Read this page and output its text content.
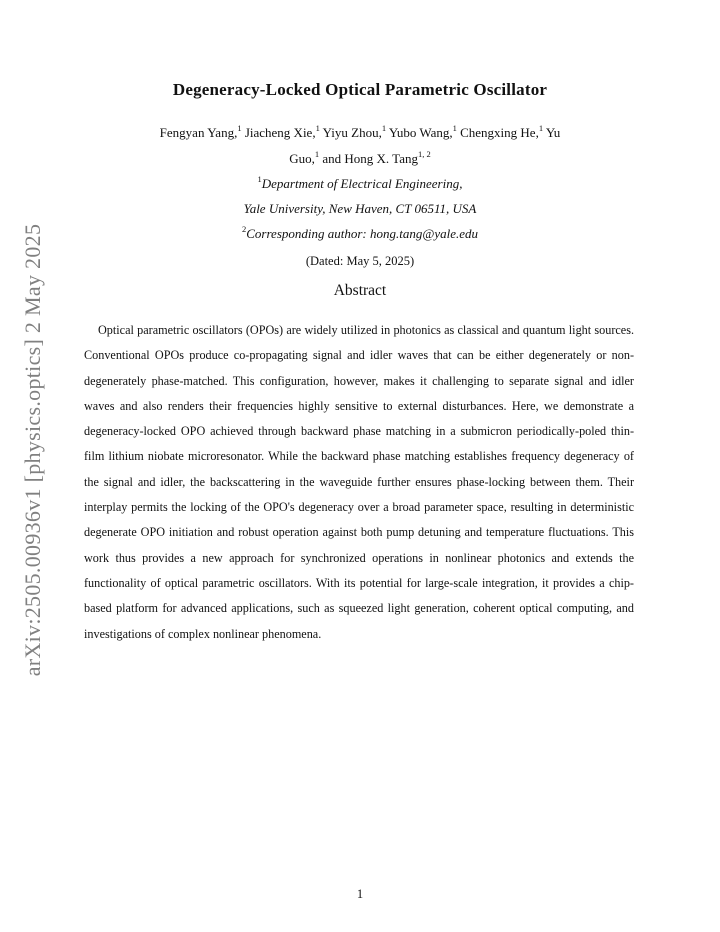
arXiv:2505.00936v1 [physics.optics] 2 May 2025
Degeneracy-Locked Optical Parametric Oscillator
Fengyan Yang,$^1$ Jiacheng Xie,$^1$ Yiyu Zhou,$^1$ Yubo Wang,$^1$ Chengxing He,$^1$ Yu Guo,$^1$ and Hong X. Tang$^{1, 2}$
$^1$Department of Electrical Engineering,
Yale University, New Haven, CT 06511, USA
$^2$Corresponding author: hong.tang@yale.edu
(Dated: May 5, 2025)
Abstract

Optical parametric oscillators (OPOs) are widely utilized in photonics as classical and quantum light sources. Conventional OPOs produce co-propagating signal and idler waves that can be either degenerately or non-degenerately phase-matched. This configuration, however, makes it challenging to separate signal and idler waves and also renders their frequencies highly sensitive to external disturbances. Here, we demonstrate a degeneracy-locked OPO achieved through backward phase matching in a submicron periodically-poled thin-film lithium niobate microresonator. While the backward phase matching establishes frequency degeneracy of the signal and idler, the backscattering in the waveguide further ensures phase-locking between them. Their interplay permits the locking of the OPO's degeneracy over a broad parameter space, resulting in deterministic degenerate OPO initiation and robust operation against both pump detuning and temperature fluctuations. This work thus provides a new approach for synchronized operations in nonlinear photonics and extends the functionality of optical parametric oscillators. With its potential for large-scale integration, it provides a chip-based platform for advanced applications, such as squeezed light generation, coherent optical computing, and investigations of complex nonlinear phenomena.

1
